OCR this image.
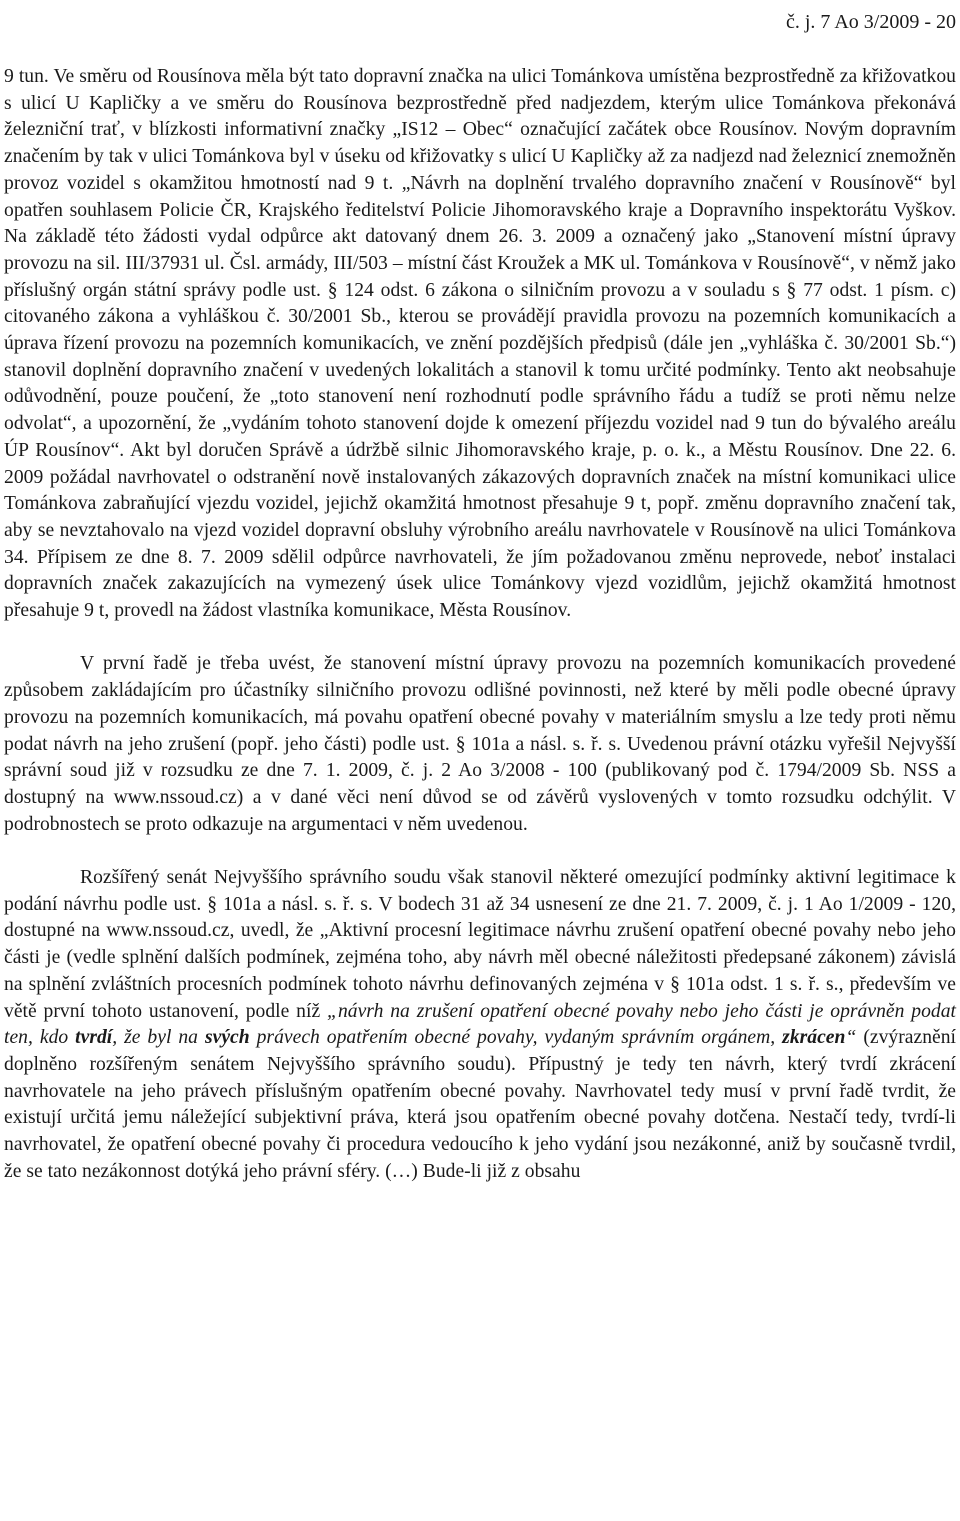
č. j. 7 Ao 3/2009 - 20

9 tun. Ve směru od Rousínova měla být tato dopravní značka na ulici Tománkova umístěna bezprostředně za křižovatkou s ulicí U Kapličky a ve směru do Rousínova bezprostředně před nadjezdem, kterým ulice Tománkova překonává železniční trať, v blízkosti informativní značky „IS12 – Obec“ označující začátek obce Rousínov. Novým dopravním značením by tak v ulici Tománkova byl v úseku od křižovatky s ulicí U Kapličky až za nadjezd nad železnicí znemožněn provoz vozidel s okamžitou hmotností nad 9 t. „Návrh na doplnění trvalého dopravního značení v Rousínově“ byl opatřen souhlasem Policie ČR, Krajského ředitelství Policie Jihomoravského kraje a Dopravního inspektorátu Vyškov. Na základě této žádosti vydal odpůrce akt datovaný dnem 26. 3. 2009 a označený jako „Stanovení místní úpravy provozu na sil. III/37931 ul. Čsl. armády, III/503 – místní část Kroužek a MK ul. Tománkova v Rousínově“, v němž jako příslušný orgán státní správy podle ust. § 124 odst. 6 zákona o silničním provozu a v souladu s § 77 odst. 1 písm. c) citovaného zákona a vyhláškou č. 30/2001 Sb., kterou se provádějí pravidla provozu na pozemních komunikacích a úprava řízení provozu na pozemních komunikacích, ve znění pozdějších předpisů (dále jen „vyhláška č. 30/2001 Sb.“) stanovil doplnění dopravního značení v uvedených lokalitách a stanovil k tomu určité podmínky. Tento akt neobsahuje odůvodnění, pouze poučení, že „toto stanovení není rozhodnutí podle správního řádu a tudíž se proti němu nelze odvolat“, a upozornění, že „vydáním tohoto stanovení dojde k omezení příjezdu vozidel nad 9 tun do bývalého areálu ÚP Rousínov“. Akt byl doručen Správě a údržbě silnic Jihomoravského kraje, p. o. k., a Městu Rousínov. Dne 22. 6. 2009 požádal navrhovatel o odstranění nově instalovaných zákazových dopravních značek na místní komunikaci ulice Tománkova zabraňující vjezdu vozidel, jejichž okamžitá hmotnost přesahuje 9 t, popř. změnu dopravního značení tak, aby se nevztahovalo na vjezd vozidel dopravní obsluhy výrobního areálu navrhovatele v Rousínově na ulici Tománkova 34. Přípisem ze dne 8. 7. 2009 sdělil odpůrce navrhovateli, že jím požadovanou změnu neprovede, neboť instalaci dopravních značek zakazujících na vymezený úsek ulice Tománkovy vjezd vozidlům, jejichž okamžitá hmotnost přesahuje 9 t, provedl na žádost vlastníka komunikace, Města Rousínov.

V první řadě je třeba uvést, že stanovení místní úpravy provozu na pozemních komunikacích provedené způsobem zakládajícím pro účastníky silničního provozu odlišné povinnosti, než které by měli podle obecné úpravy provozu na pozemních komunikacích, má povahu opatření obecné povahy v materiálním smyslu a lze tedy proti němu podat návrh na jeho zrušení (popř. jeho části) podle ust. § 101a a násl. s. ř. s. Uvedenou právní otázku vyřešil Nejvyšší správní soud již v rozsudku ze dne 7. 1. 2009, č. j. 2 Ao 3/2008 - 100 (publikovaný pod č. 1794/2009 Sb. NSS a dostupný na www.nssoud.cz) a v dané věci není důvod se od závěrů vyslovených v tomto rozsudku odchýlit. V podrobnostech se proto odkazuje na argumentaci v něm uvedenou.

Rozšířený senát Nejvyššího správního soudu však stanovil některé omezující podmínky aktivní legitimace k podání návrhu podle ust. § 101a a násl. s. ř. s. V bodech 31 až 34 usnesení ze dne 21. 7. 2009, č. j. 1 Ao 1/2009 - 120, dostupné na www.nssoud.cz, uvedl, že „Aktivní procesní legitimace návrhu zrušení opatření obecné povahy nebo jeho části je (vedle splnění dalších podmínek, zejména toho, aby návrh měl obecné náležitosti předepsané zákonem) závislá na splnění zvláštních procesních podmínek tohoto návrhu definovaných zejména v § 101a odst. 1 s. ř. s., především ve větě první tohoto ustanovení, podle níž „návrh na zrušení opatření obecné povahy nebo jeho části je oprávněn podat ten, kdo tvrdí, že byl na svých právech opatřením obecné povahy, vydaným správním orgánem, zkrácen“ (zvýraznění doplněno rozšířeným senátem Nejvyššího správního soudu). Přípustný je tedy ten návrh, který tvrdí zkrácení navrhovatele na jeho právech příslušným opatřením obecné povahy. Navrhovatel tedy musí v první řadě tvrdit, že existují určitá jemu náležející subjektivní práva, která jsou opatřením obecné povahy dotčena. Nestačí tedy, tvrdí-li navrhovatel, že opatření obecné povahy či procedura vedoucího k jeho vydání jsou nezákonné, aniž by současně tvrdil, že se tato nezákonnost dotýká jeho právní sféry. (…) Bude-li již z obsahu
